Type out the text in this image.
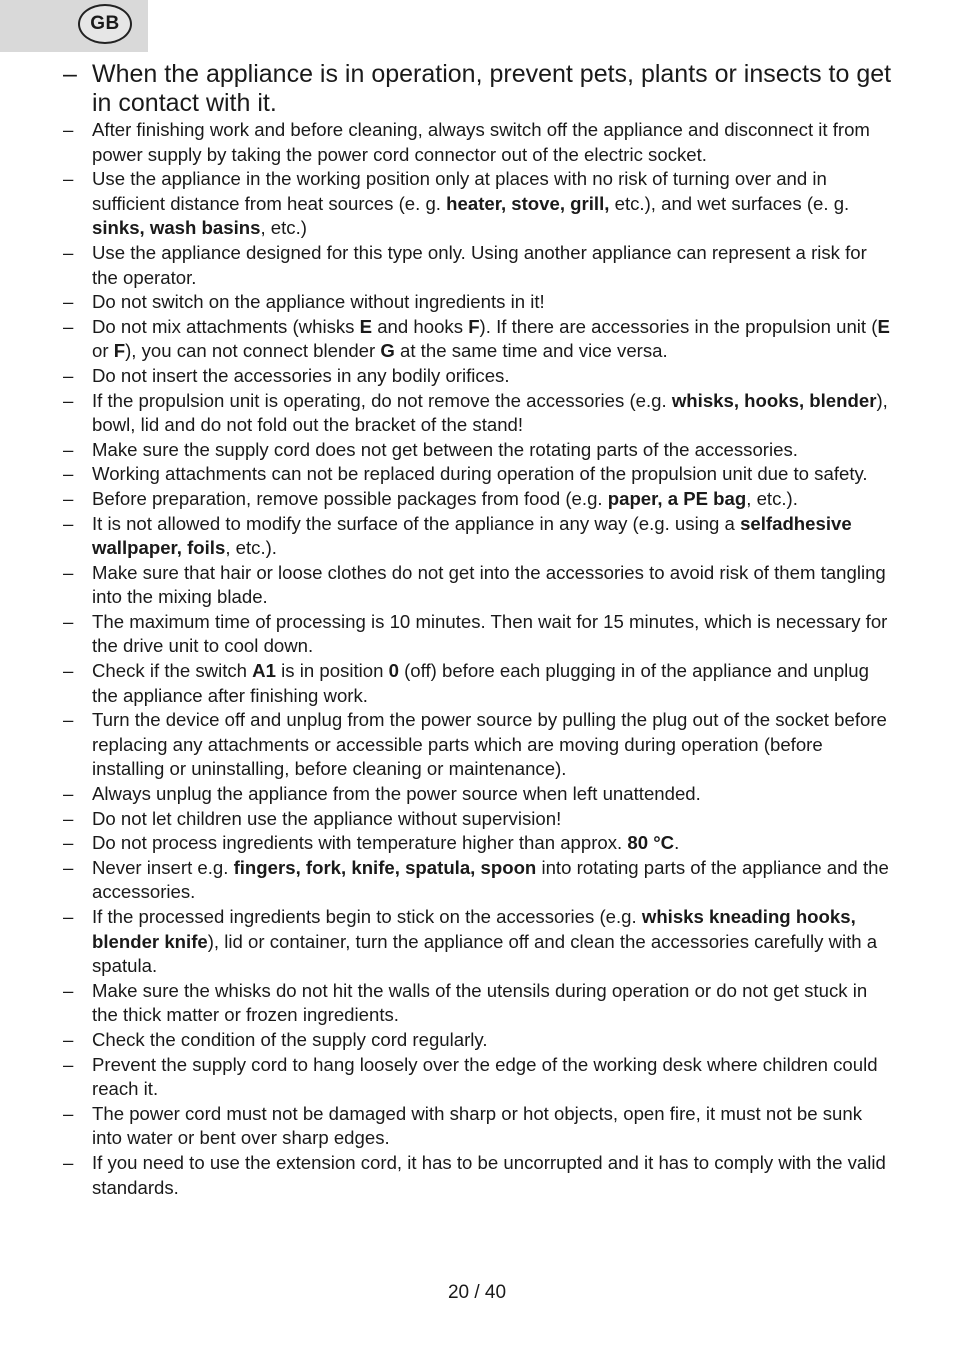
GB
– When the appliance is in operation, prevent pets, plants or insects to get in contact with it.
– After finishing work and before cleaning, always switch off the appliance and disconnect it from power supply by taking the power cord connector out of the electric socket.
– Use the appliance in the working position only at places with no risk of turning over and in sufficient distance from heat sources (e. g. heater, stove, grill, etc.), and wet surfaces (e. g. sinks, wash basins, etc.)
– Use the appliance designed for this type only. Using another appliance can represent a risk for the operator.
– Do not switch on the appliance without ingredients in it!
– Do not mix attachments (whisks E and hooks F). If there are accessories in the propulsion unit (E or F), you can not connect blender G at the same time and vice versa.
– Do not insert the accessories in any bodily orifices.
– If the propulsion unit is operating, do not remove the accessories (e.g. whisks, hooks, blender), bowl, lid and do not fold out the bracket of the stand!
– Make sure the supply cord does not get between the rotating parts of the accessories.
– Working attachments can not be replaced during operation of the propulsion unit due to safety.
– Before preparation, remove possible packages from food (e.g. paper, a PE bag, etc.).
– It is not allowed to modify the surface of the appliance in any way (e.g. using a selfadhesive wallpaper, foils, etc.).
– Make sure that hair or loose clothes do not get into the accessories to avoid risk of them tangling into the mixing blade.
– The maximum time of processing is 10 minutes. Then wait for 15 minutes, which is necessary for the drive unit to cool down.
– Check if the switch A1 is in position 0 (off) before each plugging in of the appliance and unplug the appliance after finishing work.
– Turn the device off and unplug from the power source by pulling the plug out of the socket before replacing any attachments or accessible parts which are moving during operation (before installing or uninstalling, before cleaning or maintenance).
– Always unplug the appliance from the power source when left unattended.
– Do not let children use the appliance without supervision!
– Do not process ingredients with temperature higher than approx. 80 °C.
– Never insert e.g. fingers, fork, knife, spatula, spoon into rotating parts of the appliance and the accessories.
– If the processed ingredients begin to stick on the accessories (e.g. whisks kneading hooks, blender knife), lid or container, turn the appliance off and clean the accessories carefully with a spatula.
– Make sure the whisks do not hit the walls of the utensils during operation or do not get stuck in the thick matter or frozen ingredients.
– Check the condition of the supply cord regularly.
– Prevent the supply cord to hang loosely over the edge of the working desk where children could reach it.
– The power cord must not be damaged with sharp or hot objects, open fire, it must not be sunk into water or bent over sharp edges.
– If you need to use the extension cord, it has to be uncorrupted and it has to comply with the valid standards.
20 / 40
